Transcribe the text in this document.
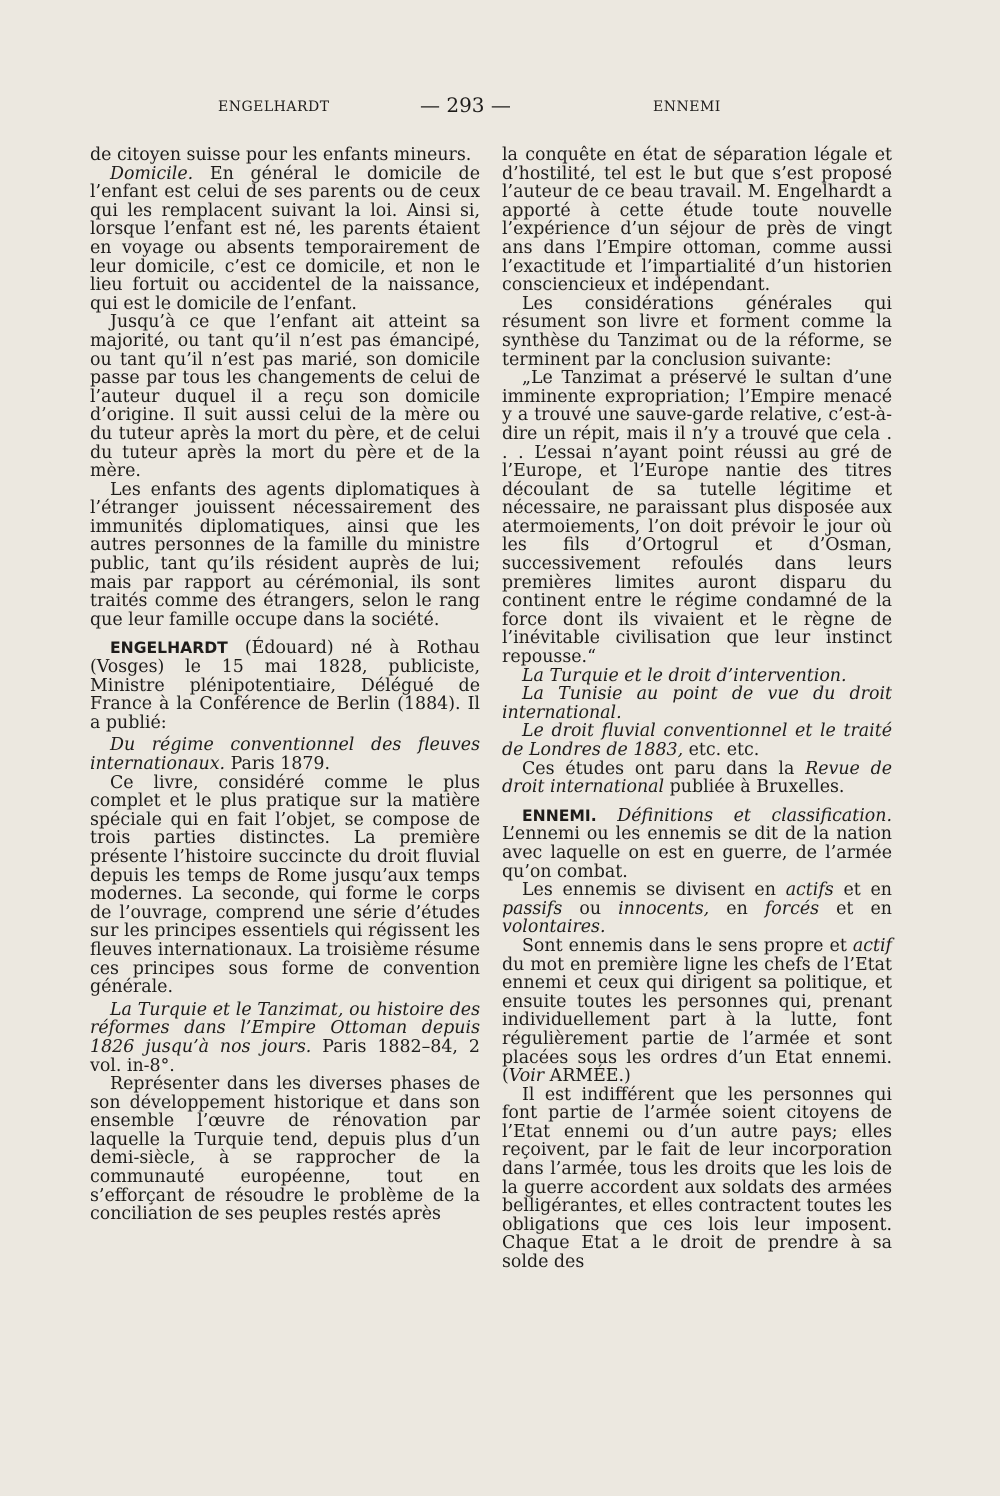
ENGELHARDT	— 293 —	ENNEMI

de citoyen suisse pour les enfants mineurs.

Domicile. En général le domicile de l’enfant est celui de ses parents ou de ceux qui les remplacent suivant la loi. Ainsi si, lorsque l’enfant est né, les parents étaient en voyage ou absents temporairement de leur domicile, c’est ce domicile, et non le lieu fortuit ou accidentel de la naissance, qui est le domicile de l’enfant.

Jusqu’à ce que l’enfant ait atteint sa majorité, ou tant qu’il n’est pas émancipé, ou tant qu’il n’est pas marié, son domicile passe par tous les changements de celui de l’auteur duquel il a reçu son domicile d’origine. Il suit aussi celui de la mère ou du tuteur après la mort du père, et de celui du tuteur après la mort du père et de la mère.

Les enfants des agents diplomatiques à l’étranger jouissent nécessairement des immunités diplomatiques, ainsi que les autres personnes de la famille du ministre public, tant qu’ils résident auprès de lui; mais par rapport au cérémonial, ils sont traités comme des étrangers, selon le rang que leur famille occupe dans la société.

ENGELHARDT (Édouard) né à Rothau (Vosges) le 15 mai 1828, publiciste, Ministre plénipotentiaire, Délégué de France à la Conférence de Berlin (1884). Il a publié:

Du régime conventionnel des fleuves internationaux. Paris 1879.

Ce livre, considéré comme le plus complet et le plus pratique sur la matière spéciale qui en fait l’objet, se compose de trois parties distinctes. La première présente l’histoire succincte du droit fluvial depuis les temps de Rome jusqu’aux temps modernes. La seconde, qui forme le corps de l’ouvrage, comprend une série d’études sur les principes essentiels qui régissent les fleuves internationaux. La troisième résume ces principes sous forme de convention générale.

La Turquie et le Tanzimat, ou histoire des réformes dans l’Empire Ottoman depuis 1826 jusqu’à nos jours. Paris 1882–84, 2 vol. in-8°.

Représenter dans les diverses phases de son développement historique et dans son ensemble l’œuvre de rénovation par laquelle la Turquie tend, depuis plus d’un demi-siècle, à se rapprocher de la communauté européenne, tout en s’efforçant de résoudre le problème de la conciliation de ses peuples restés après

la conquête en état de séparation légale et d’hostilité, tel est le but que s’est proposé l’auteur de ce beau travail. M. Engelhardt a apporté à cette étude toute nouvelle l’expérience d’un séjour de près de vingt ans dans l’Empire ottoman, comme aussi l’exactitude et l’impartialité d’un historien consciencieux et indépendant.

Les considérations générales qui résument son livre et forment comme la synthèse du Tanzimat ou de la réforme, se terminent par la conclusion suivante:

„Le Tanzimat a préservé le sultan d’une imminente expropriation; l’Empire menacé y a trouvé une sauve-garde relative, c’est-à-dire un répit, mais il n’y a trouvé que cela . . . L’essai n’ayant point réussi au gré de l’Europe, et l’Europe nantie des titres découlant de sa tutelle légitime et nécessaire, ne paraissant plus disposée aux atermoiements, l’on doit prévoir le jour où les fils d’Ortogrul et d’Osman, successivement refoulés dans leurs premières limites auront disparu du continent entre le régime condamné de la force dont ils vivaient et le règne de l’inévitable civilisation que leur instinct repousse.“

La Turquie et le droit d’intervention.

La Tunisie au point de vue du droit international.

Le droit fluvial conventionnel et le traité de Londres de 1883, etc. etc.

Ces études ont paru dans la Revue de droit international publiée à Bruxelles.

ENNEMI. Définitions et classification. L’ennemi ou les ennemis se dit de la nation avec laquelle on est en guerre, de l’armée qu’on combat.

Les ennemis se divisent en actifs et en passifs ou innocents, en forcés et en volontaires.

Sont ennemis dans le sens propre et actif du mot en première ligne les chefs de l’Etat ennemi et ceux qui dirigent sa politique, et ensuite toutes les personnes qui, prenant individuellement part à la lutte, font régulièrement partie de l’armée et sont placées sous les ordres d’un Etat ennemi. (Voir ARMÉE.)

Il est indifférent que les personnes qui font partie de l’armée soient citoyens de l’Etat ennemi ou d’un autre pays; elles reçoivent, par le fait de leur incorporation dans l’armée, tous les droits que les lois de la guerre accordent aux soldats des armées belligérantes, et elles contractent toutes les obligations que ces lois leur imposent. Chaque Etat a le droit de prendre à sa solde des
